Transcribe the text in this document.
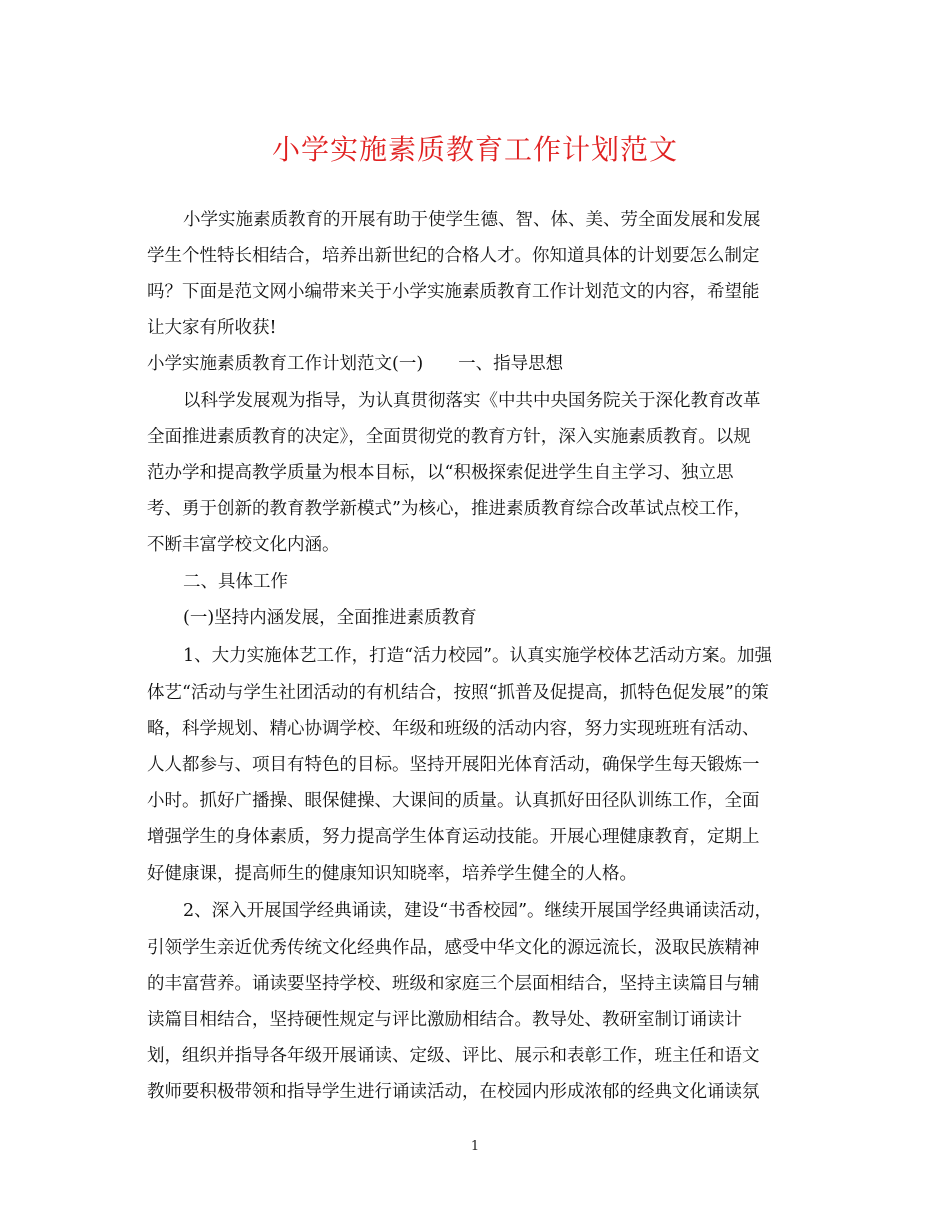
小学实施素质教育工作计划范文

小学实施素质教育的开展有助于使学生德、智、体、美、劳全面发展和发展

学生个性特长相结合，培养出新世纪的合格人才。你知道具体的计划要怎么制定

吗？下面是范文网小编带来关于小学实施素质教育工作计划范文的内容，希望能

让大家有所收获!

小学实施素质教育工作计划范文(一)　　一、指导思想

以科学发展观为指导，为认真贯彻落实《中共中央国务院关于深化教育改革

全面推进素质教育的决定》，全面贯彻党的教育方针，深入实施素质教育。以规

范办学和提高教学质量为根本目标，以“积极探索促进学生自主学习、独立思

考、勇于创新的教育教学新模式”为核心，推进素质教育综合改革试点校工作，

不断丰富学校文化内涵。

二、具体工作

(一)坚持内涵发展，全面推进素质教育

1、大力实施体艺工作，打造“活力校园”。认真实施学校体艺活动方案。加强

体艺“活动与学生社团活动的有机结合，按照“抓普及促提高，抓特色促发展”的策

略，科学规划、精心协调学校、年级和班级的活动内容，努力实现班班有活动、

人人都参与、项目有特色的目标。坚持开展阳光体育活动，确保学生每天锻炼一

小时。抓好广播操、眼保健操、大课间的质量。认真抓好田径队训练工作，全面

增强学生的身体素质，努力提高学生体育运动技能。开展心理健康教育，定期上

好健康课，提高师生的健康知识知晓率，培养学生健全的人格。

2、深入开展国学经典诵读，建设“书香校园”。继续开展国学经典诵读活动，

引领学生亲近优秀传统文化经典作品，感受中华文化的源远流长，汲取民族精神

的丰富营养。诵读要坚持学校、班级和家庭三个层面相结合，坚持主读篇目与辅

读篇目相结合，坚持硬性规定与评比激励相结合。教导处、教研室制订诵读计

划，组织并指导各年级开展诵读、定级、评比、展示和表彰工作，班主任和语文

教师要积极带领和指导学生进行诵读活动，在校园内形成浓郁的经典文化诵读氛

1
